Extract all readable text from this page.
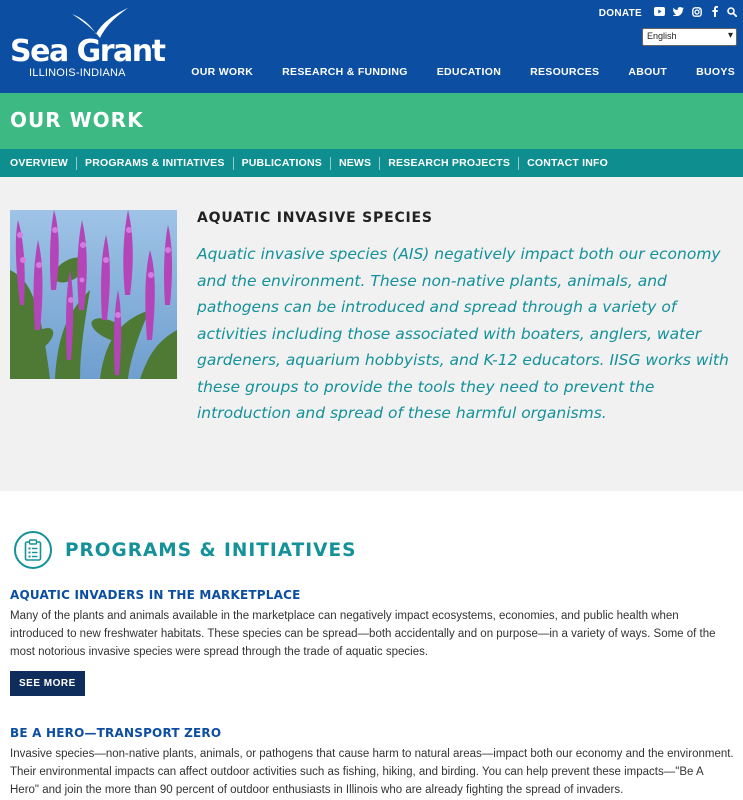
Sea Grant
ILLINOIS-INDIANA
DONATE
English	▾
OUR WORK	RESEARCH & FUNDING	EDUCATION	RESOURCES	ABOUT	BUOYS
OUR WORK
OVERVIEW PROGRAMS & INITIATIVES PUBLICATIONS NEWS RESEARCH PROJECTS CONTACT INFO
AQUATIC INVASIVE SPECIES
Aquatic invasive species (AIS) negatively impact both our economy and the environment. These non-native plants, animals, and pathogens can be introduced and spread through a variety of activities including those associated with boaters, anglers, water gardeners, aquarium hobbyists, and K-12 educators. IISG works with these groups to provide the tools they need to prevent the introduction and spread of these harmful organisms.
PROGRAMS & INITIATIVES
AQUATIC INVADERS IN THE MARKETPLACE

Many of the plants and animals available in the marketplace can negatively impact ecosystems, economies, and public health when introduced to new freshwater habitats. These species can be spread—both accidentally and on purpose—in a variety of ways. Some of the most notorious invasive species were spread through the trade of aquatic species.

SEE MORE
BE A HERO—TRANSPORT ZERO

Invasive species—non-native plants, animals, or pathogens that cause harm to natural areas—impact both our economy and the environment. Their environmental impacts can affect outdoor activities such as fishing, hiking, and birding. You can help prevent these impacts—"Be A Hero" and join the more than 90 percent of outdoor enthusiasts in Illinois who are already fighting the spread of invaders.
